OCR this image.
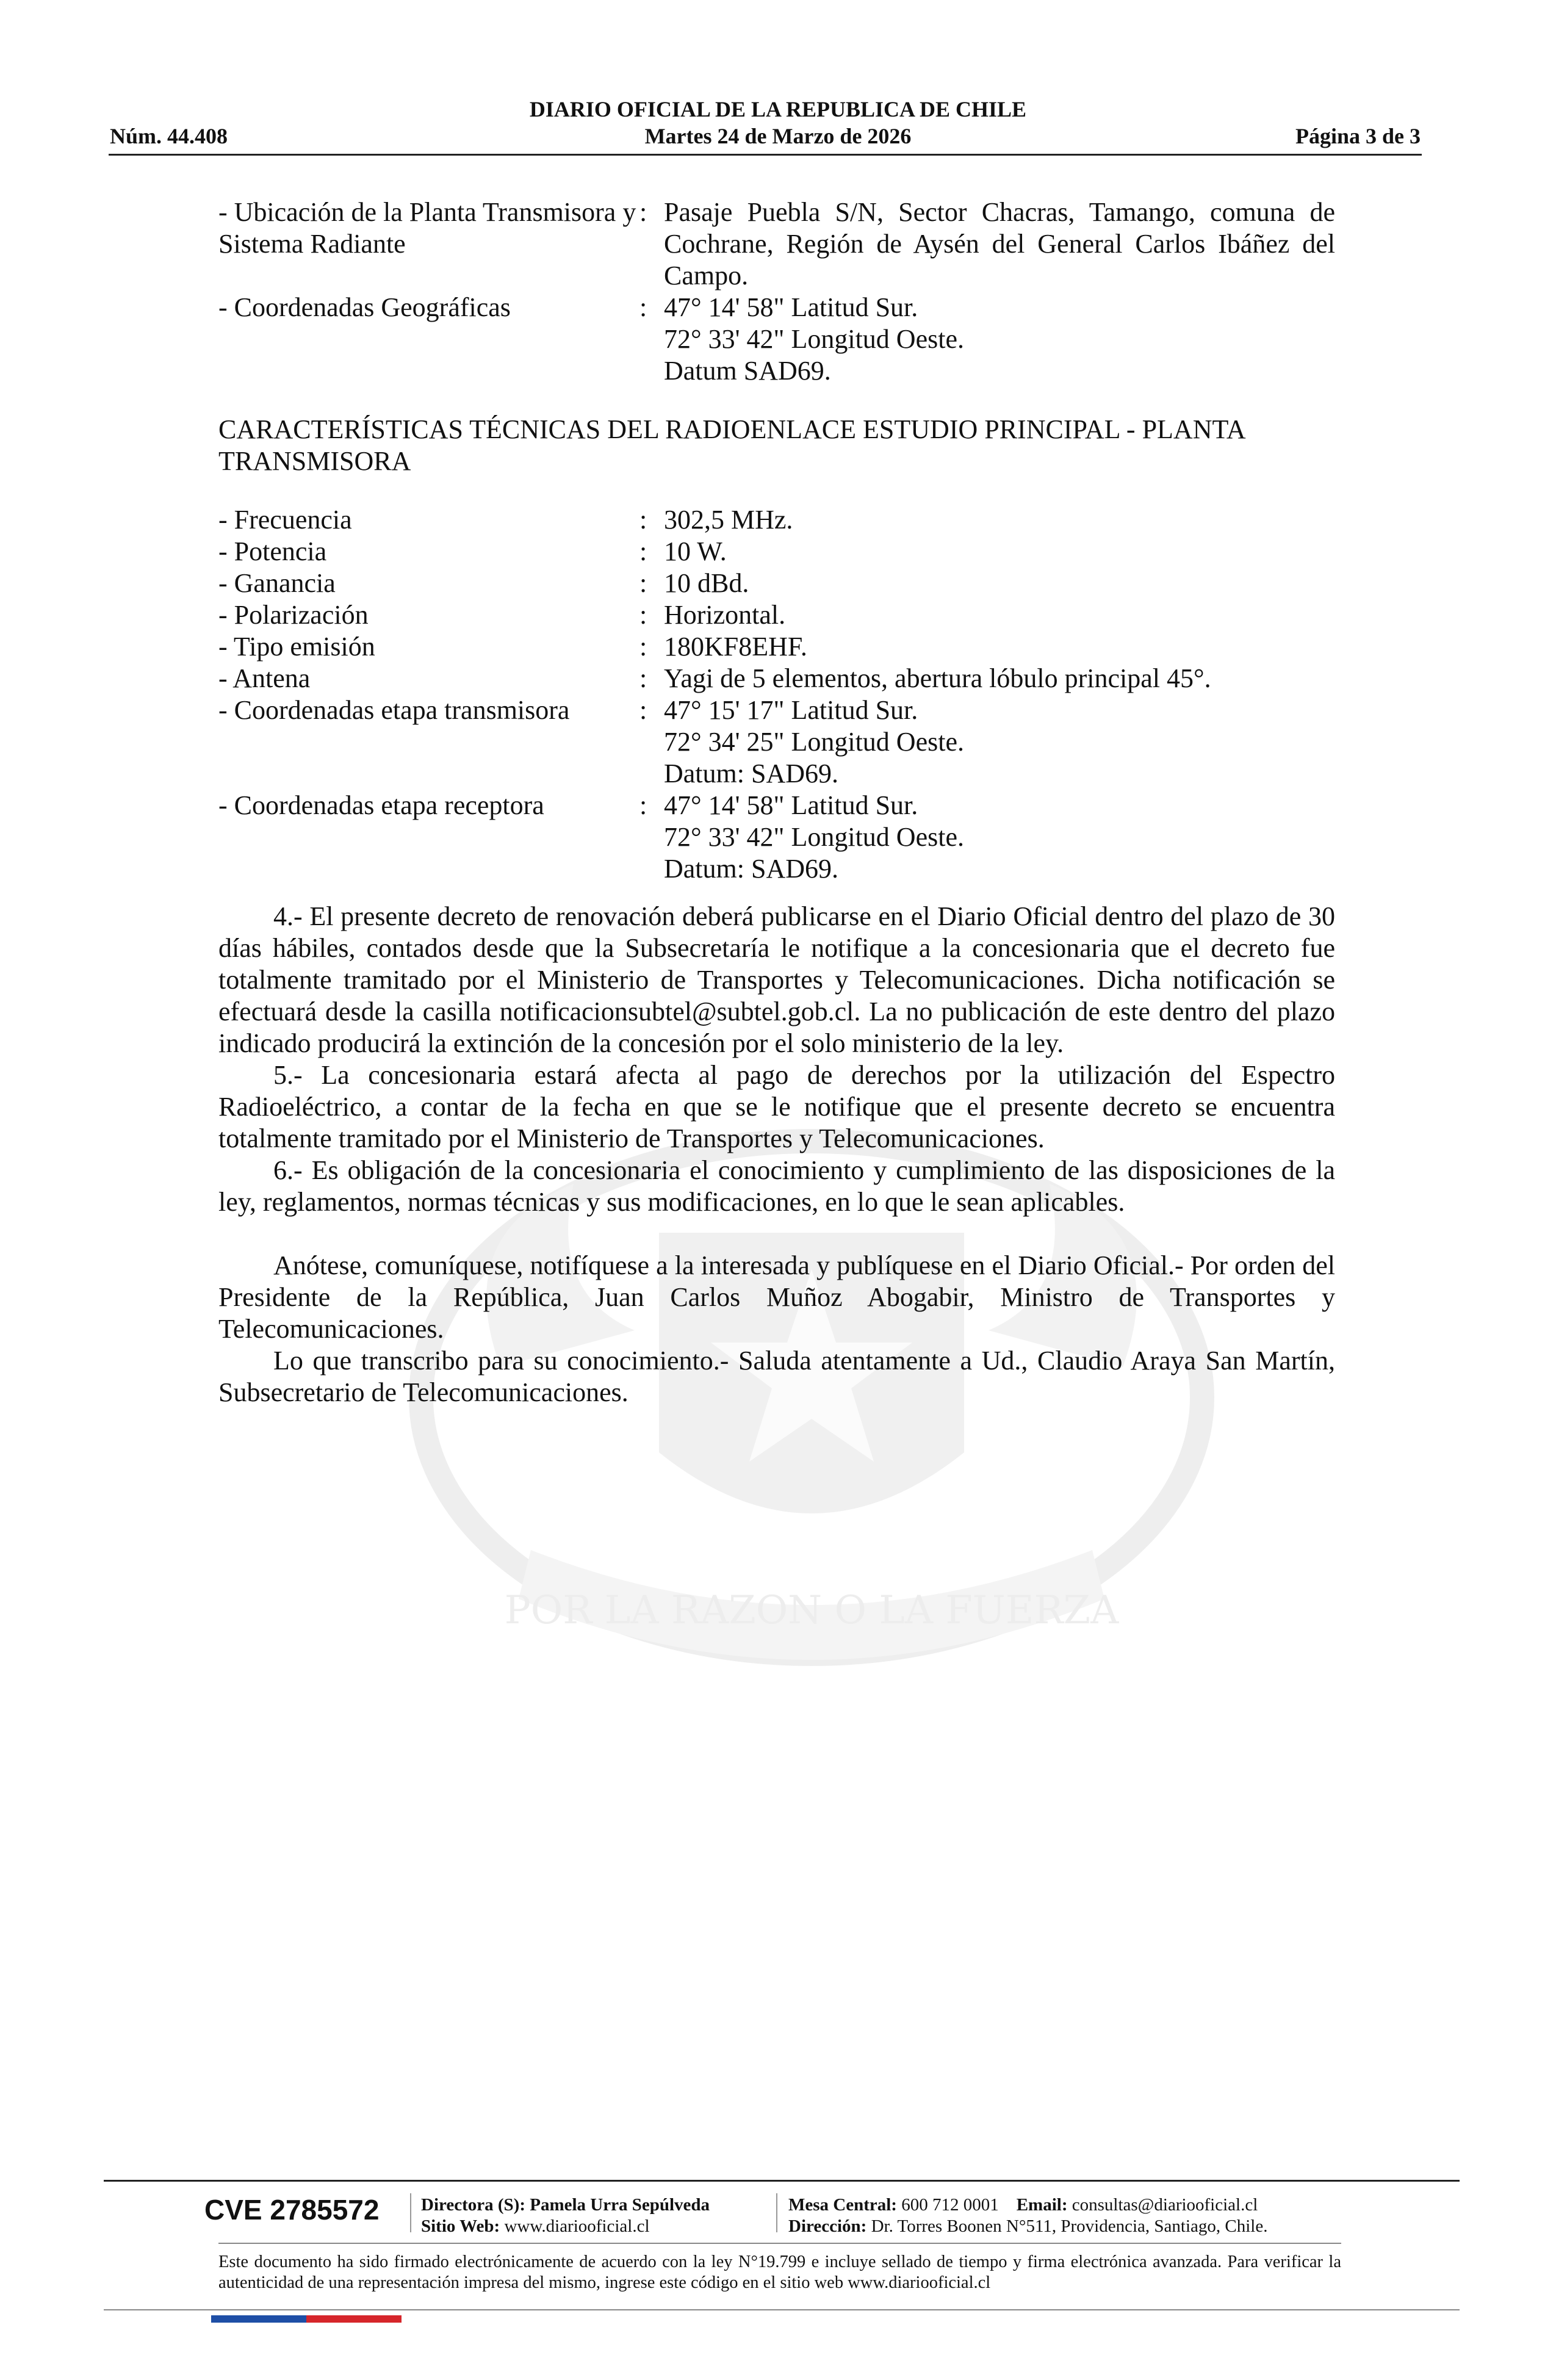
POR LA RAZON O LA FUERZA
DIARIO OFICIAL DE LA REPUBLICA DE CHILE
Núm. 44.408	Martes 24 de Marzo de 2026	Página 3 de 3
- Ubicación de la Planta Transmisora y Sistema Radiante
: Pasaje Puebla S/N, Sector Chacras, Tamango, comuna de Cochrane, Región de Aysén del General Carlos Ibáñez del Campo.
- Coordenadas Geográficas	: 47° 14' 58" Latitud Sur.
72° 33' 42" Longitud Oeste.
Datum SAD69.
CARACTERÍSTICAS TÉCNICAS DEL RADIOENLACE ESTUDIO PRINCIPAL - PLANTA TRANSMISORA
- Frecuencia	: 302,5 MHz.
- Potencia	: 10 W.
- Ganancia	: 10 dBd.
- Polarización	: Horizontal.
- Tipo emisión	: 180KF8EHF.
- Antena	: Yagi de 5 elementos, abertura lóbulo principal 45°.
- Coordenadas etapa transmisora	: 47° 15' 17" Latitud Sur.
72° 34' 25" Longitud Oeste.
Datum: SAD69.
- Coordenadas etapa receptora	: 47° 14' 58" Latitud Sur.
72° 33' 42" Longitud Oeste.
Datum: SAD69.
4.- El presente decreto de renovación deberá publicarse en el Diario Oficial dentro del plazo de 30 días hábiles, contados desde que la Subsecretaría le notifique a la concesionaria que el decreto fue totalmente tramitado por el Ministerio de Transportes y Telecomunicaciones. Dicha notificación se efectuará desde la casilla notificacionsubtel@subtel.gob.cl. La no publicación de este dentro del plazo indicado producirá la extinción de la concesión por el solo ministerio de la ley.
5.- La concesionaria estará afecta al pago de derechos por la utilización del Espectro Radioeléctrico, a contar de la fecha en que se le notifique que el presente decreto se encuentra totalmente tramitado por el Ministerio de Transportes y Telecomunicaciones.
6.- Es obligación de la concesionaria el conocimiento y cumplimiento de las disposiciones de la ley, reglamentos, normas técnicas y sus modificaciones, en lo que le sean aplicables.
Anótese, comuníquese, notifíquese a la interesada y publíquese en el Diario Oficial.- Por orden del Presidente de la República, Juan Carlos Muñoz Abogabir, Ministro de Transportes y Telecomunicaciones.
Lo que transcribo para su conocimiento.- Saluda atentamente a Ud., Claudio Araya San Martín, Subsecretario de Telecomunicaciones.
CVE 2785572 Directora (S): Pamela Urra Sepúlveda
Sitio Web: www.diariooficial.cl
Mesa Central: 600 712 0001 Email: consultas@diariooficial.cl
Dirección: Dr. Torres Boonen N°511, Providencia, Santiago, Chile.
Este documento ha sido firmado electrónicamente de acuerdo con la ley N°19.799 e incluye sellado de tiempo y firma electrónica avanzada. Para verificar la autenticidad de una representación impresa del mismo, ingrese este código en el sitio web www.diariooficial.cl
